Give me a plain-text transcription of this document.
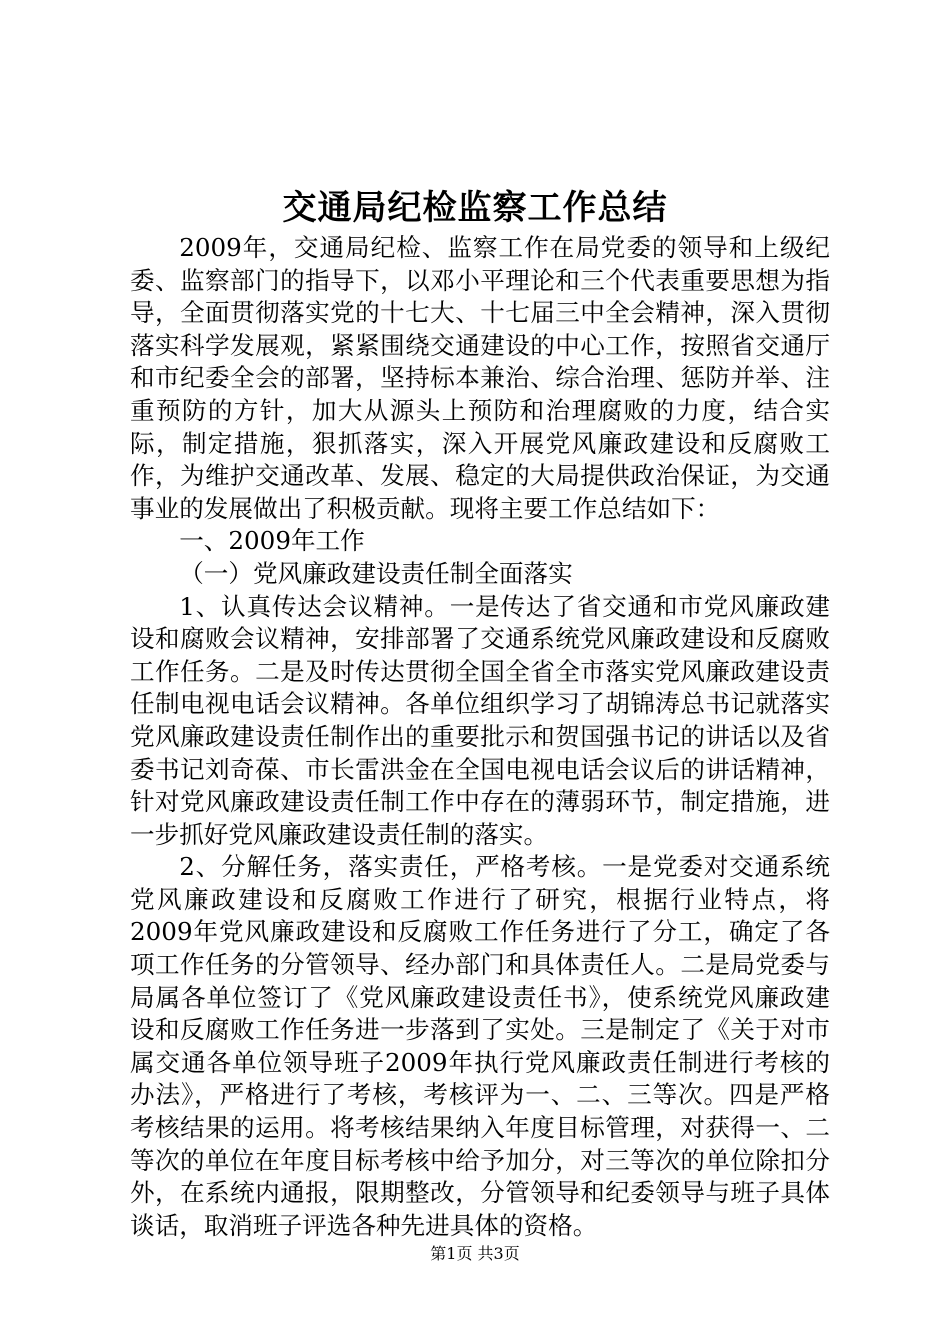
交通局纪检监察工作总结

2009年，交通局纪检、监察工作在局党委的领导和上级纪委、监察部门的指导下，以邓小平理论和三个代表重要思想为指导，全面贯彻落实党的十七大、十七届三中全会精神，深入贯彻落实科学发展观，紧紧围绕交通建设的中心工作，按照省交通厅和市纪委全会的部署，坚持标本兼治、综合治理、惩防并举、注重预防的方针，加大从源头上预防和治理腐败的力度，结合实际，制定措施，狠抓落实，深入开展党风廉政建设和反腐败工作，为维护交通改革、发展、稳定的大局提供政治保证，为交通事业的发展做出了积极贡献。现将主要工作总结如下：

一、2009年工作

（一）党风廉政建设责任制全面落实

1、认真传达会议精神。一是传达了省交通和市党风廉政建设和腐败会议精神，安排部署了交通系统党风廉政建设和反腐败工作任务。二是及时传达贯彻全国全省全市落实党风廉政建设责任制电视电话会议精神。各单位组织学习了胡锦涛总书记就落实党风廉政建设责任制作出的重要批示和贺国强书记的讲话以及省委书记刘奇葆、市长雷洪金在全国电视电话会议后的讲话精神，针对党风廉政建设责任制工作中存在的薄弱环节，制定措施，进一步抓好党风廉政建设责任制的落实。

2、分解任务，落实责任，严格考核。一是党委对交通系统党风廉政建设和反腐败工作进行了研究，根据行业特点，将2009年党风廉政建设和反腐败工作任务进行了分工，确定了各项工作任务的分管领导、经办部门和具体责任人。二是局党委与局属各单位签订了《党风廉政建设责任书》，使系统党风廉政建设和反腐败工作任务进一步落到了实处。三是制定了《关于对市属交通各单位领导班子2009年执行党风廉政责任制进行考核的办法》，严格进行了考核，考核评为一、二、三等次。四是严格考核结果的运用。将考核结果纳入年度目标管理，对获得一、二等次的单位在年度目标考核中给予加分，对三等次的单位除扣分外，在系统内通报，限期整改，分管领导和纪委领导与班子具体谈话，取消班子评选各种先进具体的资格。

第1页 共3页
